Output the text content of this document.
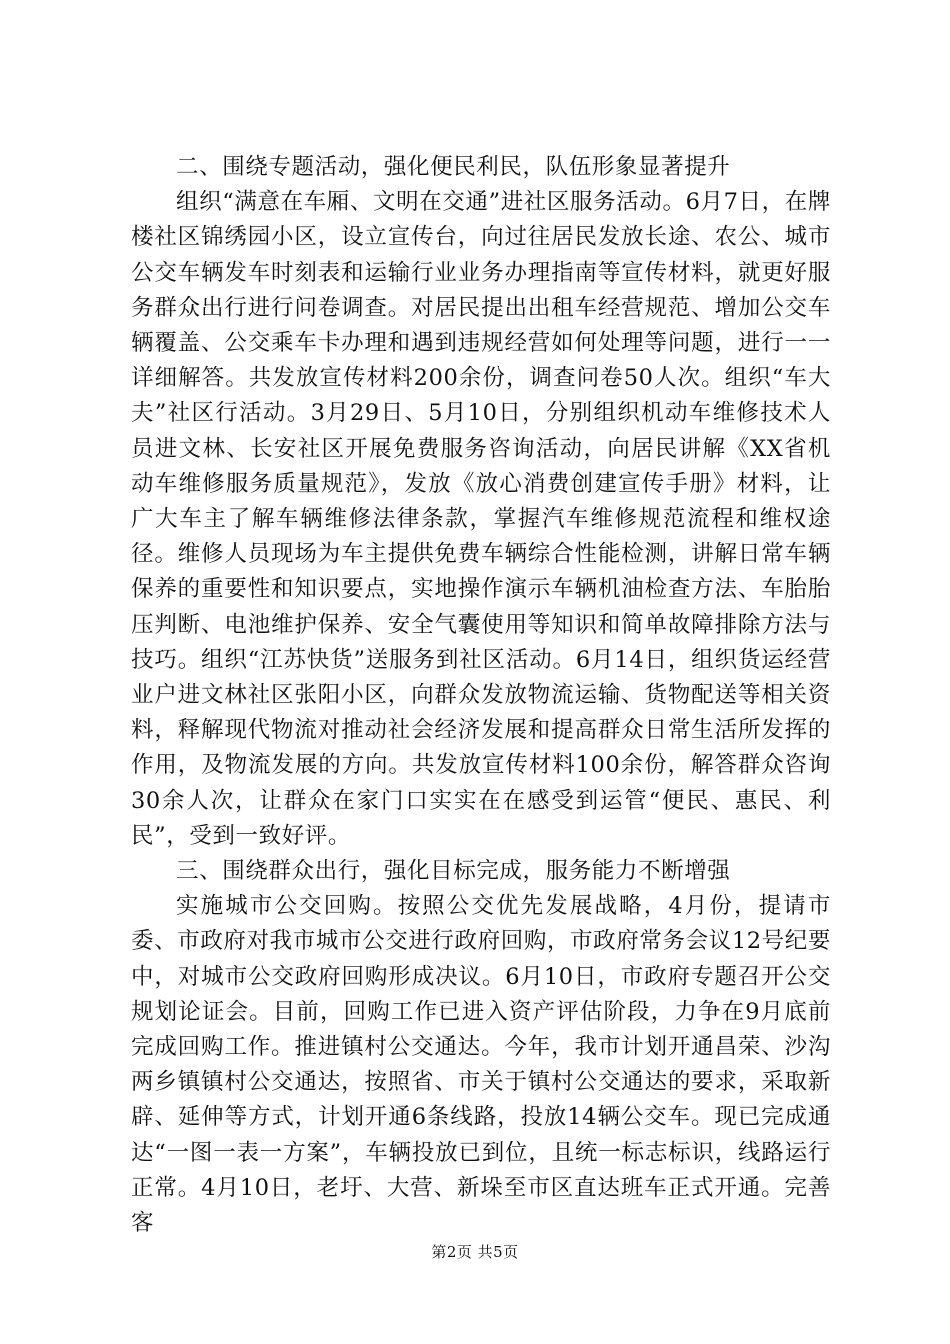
二、围绕专题活动，强化便民利民，队伍形象显著提升

组织“满意在车厢、文明在交通”进社区服务活动。6月7日，在牌楼社区锦绣园小区，设立宣传台，向过往居民发放长途、农公、城市公交车辆发车时刻表和运输行业业务办理指南等宣传材料，就更好服务群众出行进行问卷调查。对居民提出出租车经营规范、增加公交车辆覆盖、公交乘车卡办理和遇到违规经营如何处理等问题，进行一一详细解答。共发放宣传材料200余份，调查问卷50人次。组织“车大夫”社区行活动。3月29日、5月10日，分别组织机动车维修技术人员进文林、长安社区开展免费服务咨询活动，向居民讲解《XX省机动车维修服务质量规范》，发放《放心消费创建宣传手册》材料，让广大车主了解车辆维修法律条款，掌握汽车维修规范流程和维权途径。维修人员现场为车主提供免费车辆综合性能检测，讲解日常车辆保养的重要性和知识要点，实地操作演示车辆机油检查方法、车胎胎压判断、电池维护保养、安全气囊使用等知识和简单故障排除方法与技巧。组织“江苏快货”送服务到社区活动。6月14日，组织货运经营业户进文林社区张阳小区，向群众发放物流运输、货物配送等相关资料，释解现代物流对推动社会经济发展和提高群众日常生活所发挥的作用，及物流发展的方向。共发放宣传材料100余份，解答群众咨询30余人次，让群众在家门口实实在在感受到运管“便民、惠民、利民”，受到一致好评。

三、围绕群众出行，强化目标完成，服务能力不断增强

实施城市公交回购。按照公交优先发展战略，4月份，提请市委、市政府对我市城市公交进行政府回购，市政府常务会议12号纪要中，对城市公交政府回购形成决议。6月10日，市政府专题召开公交规划论证会。目前，回购工作已进入资产评估阶段，力争在9月底前完成回购工作。推进镇村公交通达。今年，我市计划开通昌荣、沙沟两乡镇镇村公交通达，按照省、市关于镇村公交通达的要求，采取新辟、延伸等方式，计划开通6条线路，投放14辆公交车。现已完成通达“一图一表一方案”，车辆投放已到位，且统一标志标识，线路运行正常。4月10日，老圩、大营、新垛至市区直达班车正式开通。完善客

第2页 共5页
